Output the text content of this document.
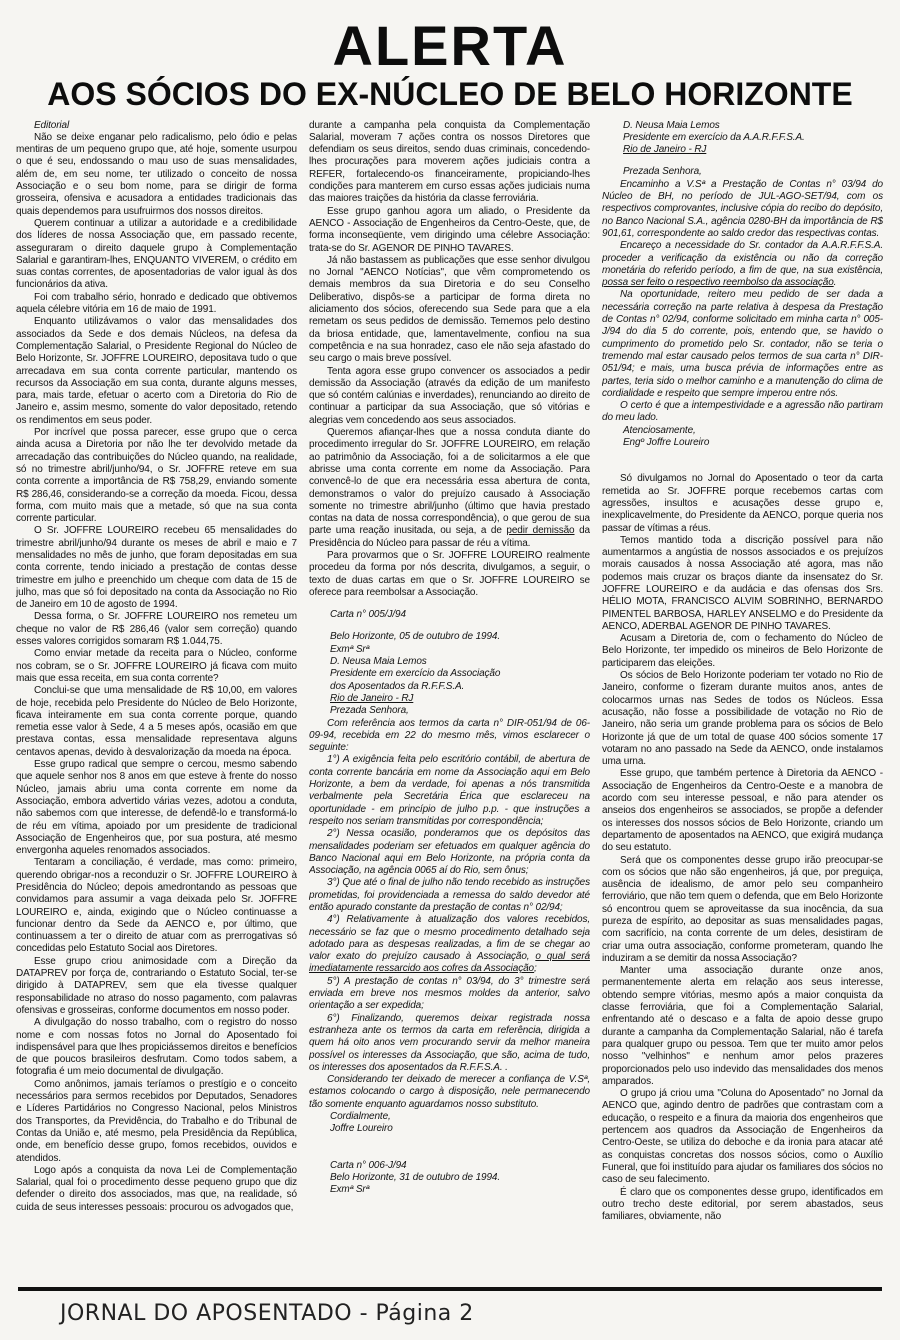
ALERTA
AOS SÓCIOS DO EX-NÚCLEO DE BELO HORIZONTE

Editorial

Não se deixe enganar pelo radicalismo, pelo ódio e pelas mentiras de um pequeno grupo que, até hoje, somente usurpou o que é seu, endossando o mau uso de suas mensalidades, além de, em seu nome, ter utilizado o conceito de nossa Associação e o seu bom nome, para se dirigir de forma grosseira, ofensiva e acusadora a entidades tradicionais das quais dependemos para usufruirmos dos nossos direitos.

Querem continuar a utilizar a autoridade e a credibilidade dos líderes de nossa Associação que, em passado recente, asseguraram o direito daquele grupo à Complementação Salarial e garantiram-lhes, ENQUANTO VIVEREM, o crédito em suas contas correntes, de aposentadorias de valor igual às dos funcionários da ativa.

Foi com trabalho sério, honrado e dedicado que obtivemos aquela célebre vitória em 16 de maio de 1991.

Enquanto utilizávamos o valor das mensalidades dos associados da Sede e dos demais Núcleos, na defesa da Complementação Salarial, o Presidente Regional do Núcleo de Belo Horizonte, Sr. JOFFRE LOUREIRO, depositava tudo o que arrecadava em sua conta corrente particular, mantendo os recursos da Associação em sua conta, durante alguns messes, para, mais tarde, efetuar o acerto com a Diretoria do Rio de Janeiro e, assim mesmo, somente do valor depositado, retendo os rendimentos em seus poder.

Por incrível que possa parecer, esse grupo que o cerca ainda acusa a Diretoria por não lhe ter devolvido metade da arrecadação das contribuições do Núcleo quando, na realidade, só no trimestre abril/junho/94, o Sr. JOFFRE reteve em sua conta corrente a importância de R$ 758,29, enviando somente R$ 286,46, considerando-se a correção da moeda. Ficou, dessa forma, com muito mais que a metade, só que na sua conta corrente particular.

O Sr. JOFFRE LOUREIRO recebeu 65 mensalidades do trimestre abril/junho/94 durante os meses de abril e maio e 7 mensalidades no mês de junho, que foram depositadas em sua conta corrente, tendo iniciado a prestação de contas desse trimestre em julho e preenchido um cheque com data de 15 de julho, mas que só foi depositado na conta da Associação no Rio de Janeiro em 10 de agosto de 1994.

Dessa forma, o Sr. JOFFRE LOUREIRO nos remeteu um cheque no valor de R$ 286,46 (valor sem correção) quando esses valores corrigidos somaram R$ 1.044,75.

Como enviar metade da receita para o Núcleo, conforme nos cobram, se o Sr. JOFFRE LOUREIRO já ficava com muito mais que essa receita, em sua conta corrente?

Conclui-se que uma mensalidade de R$ 10,00, em valores de hoje, recebida pelo Presidente do Núcleo de Belo Horizonte, ficava inteiramente em sua conta corrente porque, quando remetia esse valor à Sede, 4 a 5 meses após, ocasião em que prestava contas, essa mensalidade representava alguns centavos apenas, devido à desvalorização da moeda na época.

Esse grupo radical que sempre o cercou, mesmo sabendo que aquele senhor nos 8 anos em que esteve à frente do nosso Núcleo, jamais abriu uma conta corrente em nome da Associação, embora advertido várias vezes, adotou a conduta, não sabemos com que interesse, de defendê-lo e transformá-lo de réu em vítima, apoiado por um presidente de tradicional Associação de Engenheiros que, por sua postura, até mesmo envergonha aqueles renomados associados.

Tentaram a conciliação, é verdade, mas como: primeiro, querendo obrigar-nos a reconduzir o Sr. JOFFRE LOUREIRO à Presidência do Núcleo; depois amedrontando as pessoas que convidamos para assumir a vaga deixada pelo Sr. JOFFRE LOUREIRO e, ainda, exigindo que o Núcleo continuasse a funcionar dentro da Sede da AENCO e, por último, que continuassem a ter o direito de atuar com as prerrogativas só concedidas pelo Estatuto Social aos Diretores.

Esse grupo criou animosidade com a Direção da DATAPREV por força de, contrariando o Estatuto Social, ter-se dirigido à DATAPREV, sem que ela tivesse qualquer responsabilidade no atraso do nosso pagamento, com palavras ofensivas e grosseiras, conforme documentos em nosso poder.

A divulgação do nosso trabalho, com o registro do nosso nome e com nossas fotos no Jornal do Aposentado foi indispensável para que lhes propiciássemos direitos e benefícios de que poucos brasileiros desfrutam. Como todos sabem, a fotografia é um meio documental de divulgação.

Como anônimos, jamais teríamos o prestígio e o conceito necessários para sermos recebidos por Deputados, Senadores e Líderes Partidários no Congresso Nacional, pelos Ministros dos Transportes, da Previdência, do Trabalho e do Tribunal de Contas da União e, até mesmo, pela Presidência da República, onde, em benefício desse grupo, fomos recebidos, ouvidos e atendidos.

Logo após a conquista da nova Lei de Complementação Salarial, qual foi o procedimento desse pequeno grupo que diz defender o direito dos associados, mas que, na realidade, só cuida de seus interesses pessoais: procurou os advogados que,

durante a campanha pela conquista da Complementação Salarial, moveram 7 ações contra os nossos Diretores que defendiam os seus direitos, sendo duas criminais, concedendo-lhes procurações para moverem ações judiciais contra a REFER, fortalecendo-os financeiramente, propiciando-lhes condições para manterem em curso essas ações judiciais numa das maiores traições da história da classe ferroviária.

Esse grupo ganhou agora um aliado, o Presidente da AENCO - Associação de Engenheiros da Centro-Oeste, que, de forma inconseqüente, vem dirigindo uma célebre Associação: trata-se do Sr. AGENOR DE PINHO TAVARES.

Já não bastassem as publicações que esse senhor divulgou no Jornal "AENCO Notícias", que vêm comprometendo os demais membros da sua Diretoria e do seu Conselho Deliberativo, dispôs-se a participar de forma direta no aliciamento dos sócios, oferecendo sua Sede para que a ela remetam os seus pedidos de demissão. Tememos pelo destino da briosa entidade, que, lamentavelmente, confiou na sua competência e na sua honradez, caso ele não seja afastado do seu cargo o mais breve possível.

Tenta agora esse grupo convencer os associados a pedir demissão da Associação (através da edição de um manifesto que só contém calúnias e inverdades), renunciando ao direito de continuar a participar da sua Associação, que só vitórias e alegrias vem concedendo aos seus associados.

Queremos afiançar-lhes que a nossa conduta diante do procedimento irregular do Sr. JOFFRE LOUREIRO, em relação ao patrimônio da Associação, foi a de solicitarmos a ele que abrisse uma conta corrente em nome da Associação. Para convencê-lo de que era necessária essa abertura de conta, demonstramos o valor do prejuízo causado à Associação somente no trimestre abril/junho (último que havia prestado contas na data de nossa correspondência), o que gerou de sua parte uma reação inusitada, ou seja, a de pedir demissão da Presidência do Núcleo para passar de réu a vítima.

Para provarmos que o Sr. JOFFRE LOUREIRO realmente procedeu da forma por nós descrita, divulgamos, a seguir, o texto de duas cartas em que o Sr. JOFFRE LOUREIRO se oferece para reembolsar a Associação.

Carta n° 005/J/94

Belo Horizonte, 05 de outubro de 1994.

Exmª Srª

D. Neusa Maia Lemos

Presidente em exercício da Associação

dos Aposentados da R.F.F.S.A.

Rio de Janeiro - RJ

Prezada Senhora,

Com referência aos termos da carta n° DIR-051/94 de 06-09-94, recebida em 22 do mesmo mês, vimos esclarecer o seguinte:

1°) A exigência feita pelo escritório contábil, de abertura de conta corrente bancária em nome da Associação aqui em Belo Horizonte, a bem da verdade, foi apenas a nós transmitida verbalmente pela Secretária Érica que esclareceu na oportunidade - em princípio de julho p.p. - que instruções a respeito nos seriam transmitidas por correspondência;

2°) Nessa ocasião, ponderamos que os depósitos das mensalidades poderiam ser efetuados em qualquer agência do Banco Nacional aqui em Belo Horizonte, na própria conta da Associação, na agência 0065 aí do Rio, sem ônus;

3°) Que até o final de julho não tendo recebido as instruções prometidas, foi providenciada a remessa do saldo devedor até então apurado constante da prestação de contas n° 02/94;

4°) Relativamente à atualização dos valores recebidos, necessário se faz que o mesmo procedimento detalhado seja adotado para as despesas realizadas, a fim de se chegar ao valor exato do prejuízo causado à Associação, o qual será imediatamente ressarcido aos cofres da Associação;

5°) A prestação de contas n° 03/94, do 3° trimestre será enviada em breve nos mesmos moldes da anterior, salvo orientação a ser expedida;

6°) Finalizando, queremos deixar registrada nossa estranheza ante os termos da carta em referência, dirigida a quem há oito anos vem procurando servir da melhor maneira possível os interesses da Associação, que são, acima de tudo, os interesses dos aposentados da R.F.F.S.A. .

Considerando ter deixado de merecer a confiança de V.Sª, estamos colocando o cargo à disposição, nele permanecendo tão somente enquanto aguardamos nosso substituto.

Cordialmente,

Joffre Loureiro

Carta n° 006-J/94

Belo Horizonte, 31 de outubro de 1994.

Exmª Srª

D. Neusa Maia Lemos

Presidente em exercício da A.A.R.F.F.S.A.

Rio de Janeiro - RJ

Prezada Senhora,

Encaminho a V.Sª a Prestação de Contas n° 03/94 do Núcleo de BH, no período de JUL-AGO-SET/94, com os respectivos comprovantes, inclusive cópia do recibo do depósito, no Banco Nacional S.A., agência 0280-BH da importância de R$ 901,61, correspondente ao saldo credor das respectivas contas.

Encareço a necessidade do Sr. contador da A.A.R.F.F.S.A. proceder a verificação da existência ou não da correção monetária do referido período, a fim de que, na sua existência, possa ser feito o respectivo reembolso da associação.

Na oportunidade, reitero meu pedido de ser dada a necessária correção na parte relativa à despesa da Prestação de Contas n° 02/94, conforme solicitado em minha carta n° 005-J/94 do dia 5 do corrente, pois, entendo que, se havido o cumprimento do prometido pelo Sr. contador, não se teria o tremendo mal estar causado pelos termos de sua carta n° DIR-051/94; e mais, uma busca prévia de informações entre as partes, teria sido o melhor caminho e a manutenção do clima de cordialidade e respeito que sempre imperou entre nós.

O certo é que a intempestividade e a agressão não partiram do meu lado.

Atenciosamente,

Engº Joffre Loureiro

Só divulgamos no Jornal do Aposentado o teor da carta remetida ao Sr. JOFFRE porque recebemos cartas com agressões, insultos e acusações desse grupo e, inexplicavelmente, do Presidente da AENCO, porque queria nos passar de vítimas a réus.

Temos mantido toda a discrição possível para não aumentarmos a angústia de nossos associados e os prejuízos morais causados à nossa Associação até agora, mas não podemos mais cruzar os braços diante da insensatez do Sr. JOFFRE LOUREIRO e da audácia e das ofensas dos Srs. HÉLIO MOTA, FRANCISCO ALVIM SOBRINHO, BERNARDO PIMENTEL BARBOSA, HARLEY ANSELMO e do Presidente da AENCO, ADERBAL AGENOR DE PINHO TAVARES.

Acusam a Diretoria de, com o fechamento do Núcleo de Belo Horizonte, ter impedido os mineiros de Belo Horizonte de participarem das eleições.

Os sócios de Belo Horizonte poderiam ter votado no Rio de Janeiro, conforme o fizeram durante muitos anos, antes de colocarmos urnas nas Sedes de todos os Núcleos. Essa acusação, não fosse a possibilidade de votação no Rio de Janeiro, não seria um grande problema para os sócios de Belo Horizonte já que de um total de quase 400 sócios somente 17 votaram no ano passado na Sede da AENCO, onde instalamos uma urna.

Esse grupo, que também pertence à Diretoria da AENCO - Associação de Engenheiros da Centro-Oeste e a manobra de acordo com seu interesse pessoal, e não para atender os anseios dos engenheiros se associados, se propõe a defender os interesses dos nossos sócios de Belo Horizonte, criando um departamento de aposentados na AENCO, que exigirá mudança do seu estatuto.

Será que os componentes desse grupo irão preocupar-se com os sócios que não são engenheiros, já que, por preguiça, ausência de idealismo, de amor pelo seu companheiro ferroviário, que não tem quem o defenda, que em Belo Horizonte só encontrou quem se aproveitasse da sua inocência, da sua pureza de espírito, ao depositar as suas mensalidades pagas, com sacrifício, na conta corrente de um deles, desistiram de criar uma outra associação, conforme prometeram, quando lhe induziram a se demitir da nossa Associação?

Manter uma associação durante onze anos, permanentemente alerta em relação aos seus interesse, obtendo sempre vitórias, mesmo após a maior conquista da classe ferroviária, que foi a Complementação Salarial, enfrentando até o descaso e a falta de apoio desse grupo durante a campanha da Complementação Salarial, não é tarefa para qualquer grupo ou pessoa. Tem que ter muito amor pelos nosso "velhinhos" e nenhum amor pelos prazeres proporcionados pelo uso indevido das mensalidades dos menos amparados.

O grupo já criou uma "Coluna do Aposentado" no Jornal da AENCO que, agindo dentro de padrões que contrastam com a educação, o respeito e a finura da maioria dos engenheiros que pertencem aos quadros da Associação de Engenheiros da Centro-Oeste, se utiliza do deboche e da ironia para atacar até as conquistas concretas dos nossos sócios, como o Auxílio Funeral, que foi instituído para ajudar os familiares dos sócios no caso de seu falecimento.

É claro que os componentes desse grupo, identificados em outro trecho deste editorial, por serem abastados, seus familiares, obviamente, não

JORNAL DO APOSENTADO - Página 2
